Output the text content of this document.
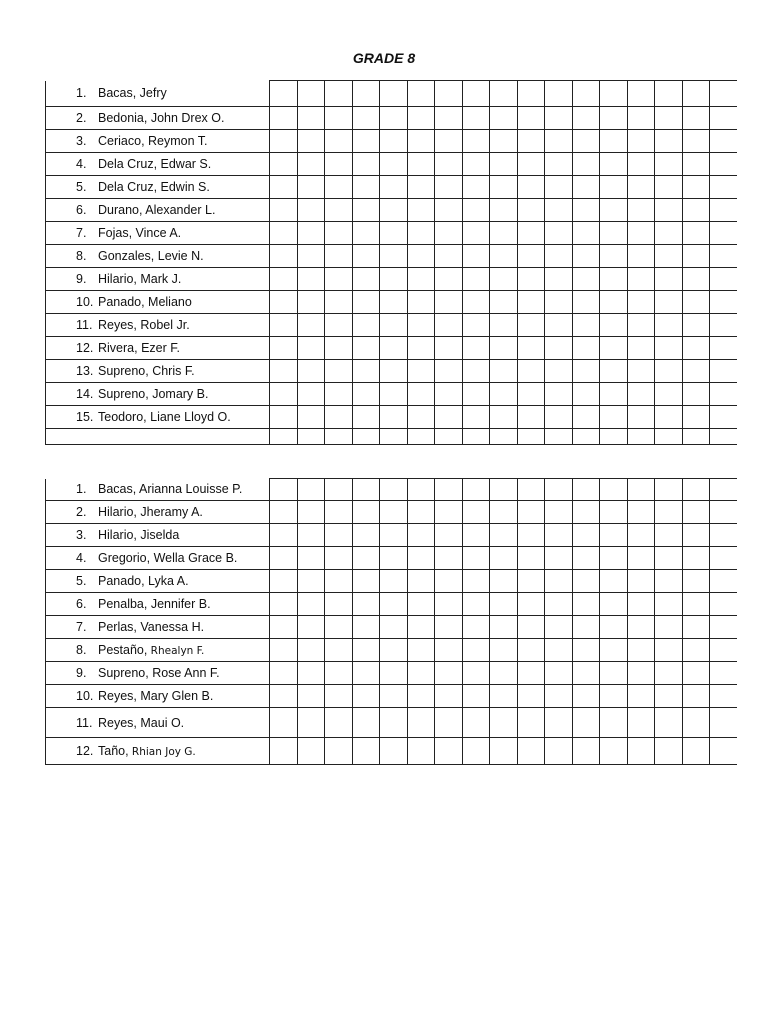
GRADE 8
1. Bacas, Jefry																	
2. Bedonia, John Drex O.																	
3. Ceriaco, Reymon T.																	
4. Dela Cruz, Edwar S.																	
5. Dela Cruz, Edwin S.																	
6. Durano, Alexander L.																	
7. Fojas, Vince A.																	
8. Gonzales, Levie N.																	
9. Hilario, Mark J.																	
10. Panado, Meliano																	
11. Reyes, Robel Jr.																	
12. Rivera, Ezer F.																	
13. Supreno, Chris F.																	
14. Supreno, Jomary B.																	
15. Teodoro, Liane Lloyd O.																	

1. Bacas, Arianna Louisse P.																	
2. Hilario, Jheramy A.																	
3. Hilario, Jiselda																	
4. Gregorio, Wella Grace B.																	
5. Panado, Lyka A.																	
6. Penalba, Jennifer B.																	
7. Perlas, Vanessa H.																	
8. Pestaño, Rhealyn F.																	
9. Supreno, Rose Ann F.																	
10. Reyes, Mary Glen B.																	
11. Reyes, Maui O.																	
12. Taño, Rhian Joy G.																	
